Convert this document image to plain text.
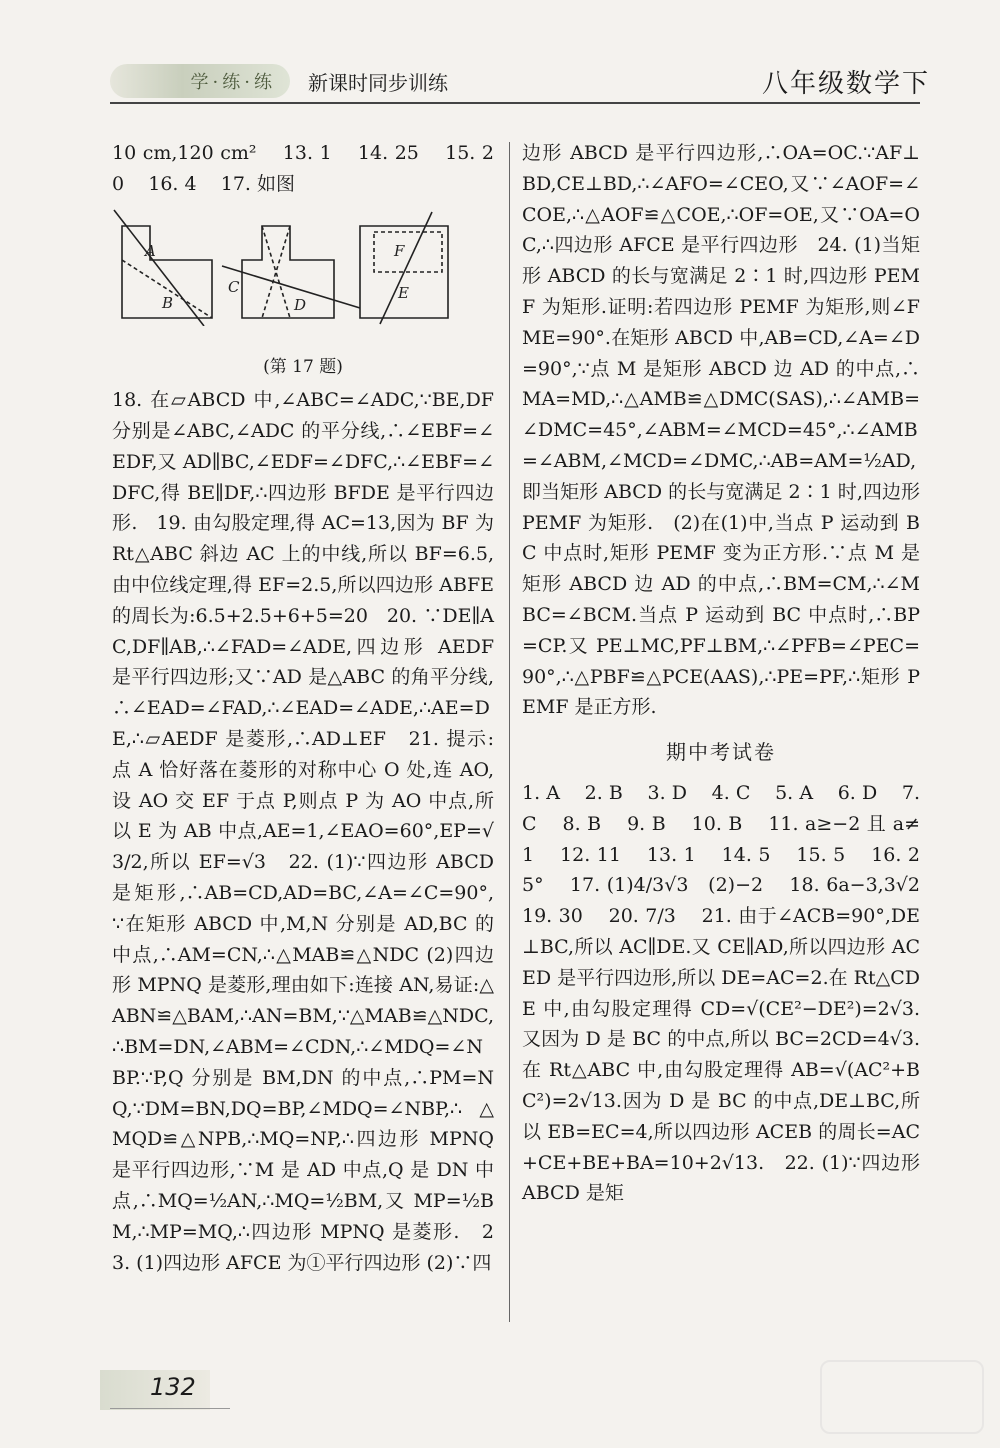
学·练·练 新课时同步训练	八年级数学下
10 cm,120 cm²    13. 1    14. 25    15. 20    16. 4    17. 如图

A
B
C
D
F
E

(第 17 题)
18. 在▱ABCD 中,∠ABC=∠ADC,∵BE,DF 分别是∠ABC,∠ADC 的平分线,∴∠EBF=∠EDF,又 AD∥BC,∠EDF=∠DFC,∴∠EBF=∠DFC,得 BE∥DF,∴四边形 BFDE 是平行四边形.   19. 由勾股定理,得 AC=13,因为 BF 为 Rt△ABC 斜边 AC 上的中线,所以 BF=6.5,由中位线定理,得 EF=2.5,所以四边形 ABFE 的周长为:6.5+2.5+6+5=20   20. ∵DE∥AC,DF∥AB,∴∠FAD=∠ADE,四边形 AEDF 是平行四边形;又∵AD 是△ABC 的角平分线,∴∠EAD=∠FAD,∴∠EAD=∠ADE,∴AE=DE,∴▱AEDF 是菱形,∴AD⊥EF   21. 提示:点 A 恰好落在菱形的对称中心 O 处,连 AO,设 AO 交 EF 于点 P,则点 P 为 AO 中点,所以 E 为 AB 中点,AE=1,∠EAO=60°,EP=√3/2,所以 EF=√3   22. (1)∵四边形 ABCD 是矩形,∴AB=CD,AD=BC,∠A=∠C=90°,∵在矩形 ABCD 中,M,N 分别是 AD,BC 的中点,∴AM=CN,∴△MAB≌△NDC (2)四边形 MPNQ 是菱形,理由如下:连接 AN,易证:△ABN≌△BAM,∴AN=BM,∵△MAB≌△NDC,∴BM=DN,∠ABM=∠CDN,∴∠MDQ=∠NBP.∵P,Q 分别是 BM,DN 的中点,∴PM=NQ,∵DM=BN,DQ=BP,∠MDQ=∠NBP,∴△MQD≌△NPB,∴MQ=NP,∴四边形 MPNQ 是平行四边形,∵M 是 AD 中点,Q 是 DN 中点,∴MQ=½AN,∴MQ=½BM,又 MP=½BM,∴MP=MQ,∴四边形 MPNQ 是菱形.   23. (1)四边形 AFCE 为①平行四边形 (2)∵四
边形 ABCD 是平行四边形,∴OA=OC.∵AF⊥BD,CE⊥BD,∴∠AFO=∠CEO,又∵∠AOF=∠COE,∴△AOF≌△COE,∴OF=OE,又∵OA=OC,∴四边形 AFCE 是平行四边形   24. (1)当矩形 ABCD 的长与宽满足 2∶1 时,四边形 PEMF 为矩形.证明:若四边形 PEMF 为矩形,则∠FME=90°.在矩形 ABCD 中,AB=CD,∠A=∠D=90°,∵点 M 是矩形 ABCD 边 AD 的中点,∴MA=MD,∴△AMB≌△DMC(SAS),∴∠AMB=∠DMC=45°,∠ABM=∠MCD=45°,∴∠AMB=∠ABM,∠MCD=∠DMC,∴AB=AM=½AD,即当矩形 ABCD 的长与宽满足 2∶1 时,四边形 PEMF 为矩形.   (2)在(1)中,当点 P 运动到 BC 中点时,矩形 PEMF 变为正方形.∵点 M 是矩形 ABCD 边 AD 的中点,∴BM=CM,∴∠MBC=∠BCM.当点 P 运动到 BC 中点时,∴BP=CP.又 PE⊥MC,PF⊥BM,∴∠PFB=∠PEC=90°,∴△PBF≌△PCE(AAS),∴PE=PF,∴矩形 PEMF 是正方形.

期中考试卷
1. A    2. B    3. D    4. C    5. A    6. D    7. C    8. B    9. B    10. B    11. a≥−2 且 a≠1    12. 11    13. 1    14. 5    15. 5    16. 25°    17. (1)4/3√3   (2)−2    18. 6a−3,3√2    19. 30    20. 7/3    21. 由于∠ACB=90°,DE⊥BC,所以 AC∥DE.又 CE∥AD,所以四边形 ACED 是平行四边形,所以 DE=AC=2.在 Rt△CDE 中,由勾股定理得 CD=√(CE²−DE²)=2√3.又因为 D 是 BC 的中点,所以 BC=2CD=4√3.在 Rt△ABC 中,由勾股定理得 AB=√(AC²+BC²)=2√13.因为 D 是 BC 的中点,DE⊥BC,所以 EB=EC=4,所以四边形 ACEB 的周长=AC+CE+BE+BA=10+2√13.   22. (1)∵四边形 ABCD 是矩
132
